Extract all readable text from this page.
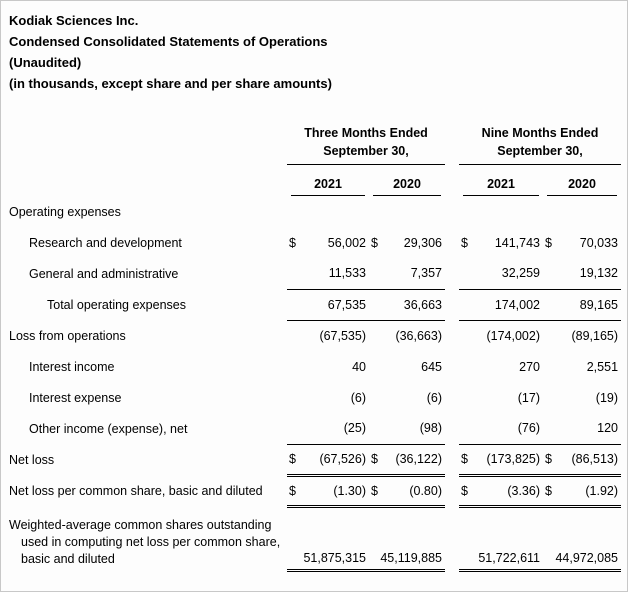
Kodiak Sciences Inc.
Condensed Consolidated Statements of Operations
(Unaudited)
(in thousands, except share and per share amounts)

Three Months Ended
September 30,

Nine Months Ended
September 30,

	2021	2020		2021	2020

Operating expenses	

Research and development	$ 56,002	$ 29,306		$ 141,743	$ 70,033

General and administrative	11,533	7,357		32,259	19,132

Total operating expenses	67,535	36,663		174,002	89,165

Loss from operations	(67,535)	(36,663)		(174,002)	(89,165)

Interest income	40	645		270	2,551

Interest expense	(6)	(6)		(17)	(19)

Other income (expense), net	(25)	(98)		(76)	120

Net loss	$ (67,526)	$ (36,122)		$ (173,825)	$ (86,513)

Net loss per common share, basic and diluted	$ (1.30)	$ (0.80)		$ (3.36)	$ (1.92)

Weighted-average common shares outstanding
used in computing net loss per common share,
basic and diluted	51,875,315	45,119,885		51,722,611	44,972,085
